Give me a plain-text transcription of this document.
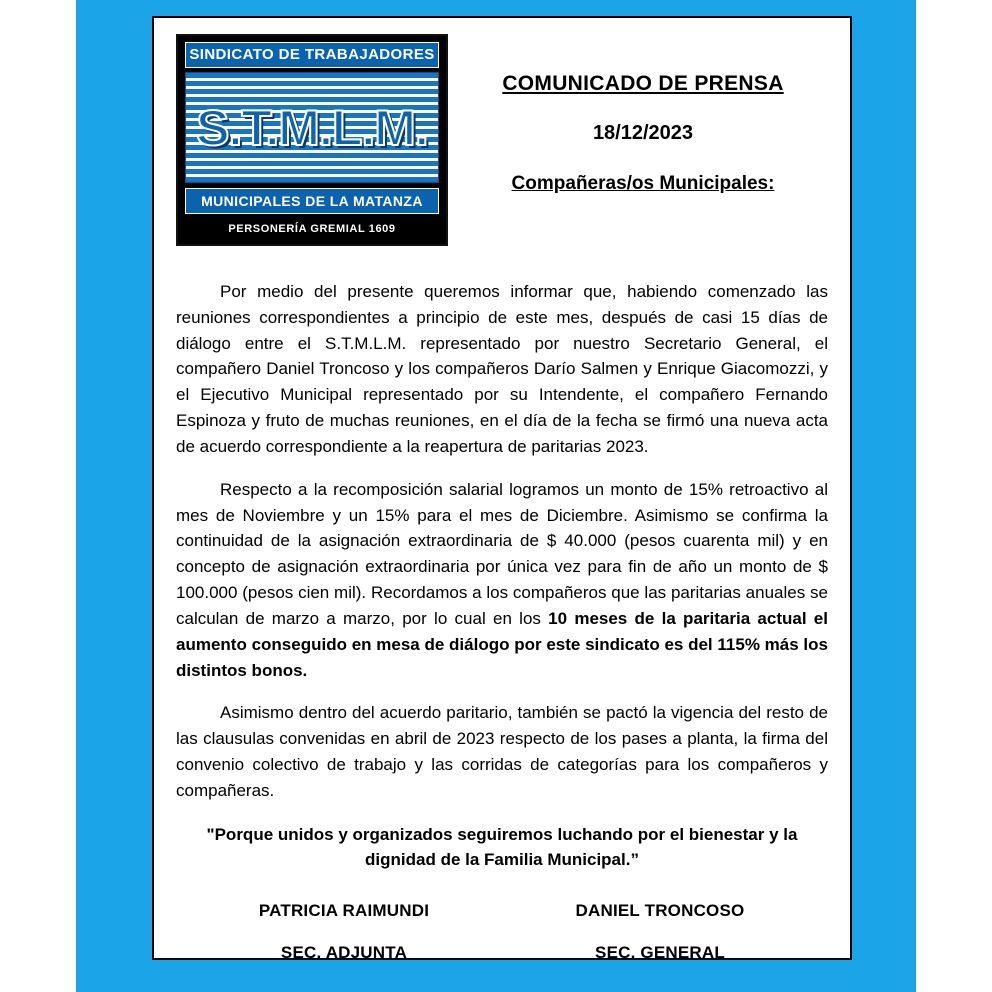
SINDICATO DE TRABAJADORES
S.T.M.L.M.
MUNICIPALES DE LA MATANZA
PERSONERÍA GREMIAL 1609
COMUNICADO DE PRENSA
18/12/2023
Compañeras/os Municipales:

Por medio del presente queremos informar que, habiendo comenzado las reuniones correspondientes a principio de este mes, después de casi 15 días de diálogo entre el S.T.M.L.M. representado por nuestro Secretario General, el compañero Daniel Troncoso y los compañeros Darío Salmen y Enrique Giacomozzi, y el Ejecutivo Municipal representado por su Intendente, el compañero Fernando Espinoza y fruto de muchas reuniones, en el día de la fecha se firmó una nueva acta de acuerdo correspondiente a la reapertura de paritarias 2023.

Respecto a la recomposición salarial logramos un monto de 15% retroactivo al mes de Noviembre y un 15% para el mes de Diciembre. Asimismo se confirma la continuidad de la asignación extraordinaria de $ 40.000 (pesos cuarenta mil) y en concepto de asignación extraordinaria por única vez para fin de año un monto de $ 100.000 (pesos cien mil). Recordamos a los compañeros que las paritarias anuales se calculan de marzo a marzo, por lo cual en los 10 meses de la paritaria actual el aumento conseguido en mesa de diálogo por este sindicato es del 115% más los distintos bonos.

Asimismo dentro del acuerdo paritario, también se pactó la vigencia del resto de las clausulas convenidas en abril de 2023 respecto de los pases a planta, la firma del convenio colectivo de trabajo y las corridas de categorías para los compañeros y compañeras.

"Porque unidos y organizados seguiremos luchando por el bienestar y la dignidad de la Familia Municipal.”
PATRICIA RAIMUNDI
SEC. ADJUNTA
DANIEL TRONCOSO
SEC. GENERAL
